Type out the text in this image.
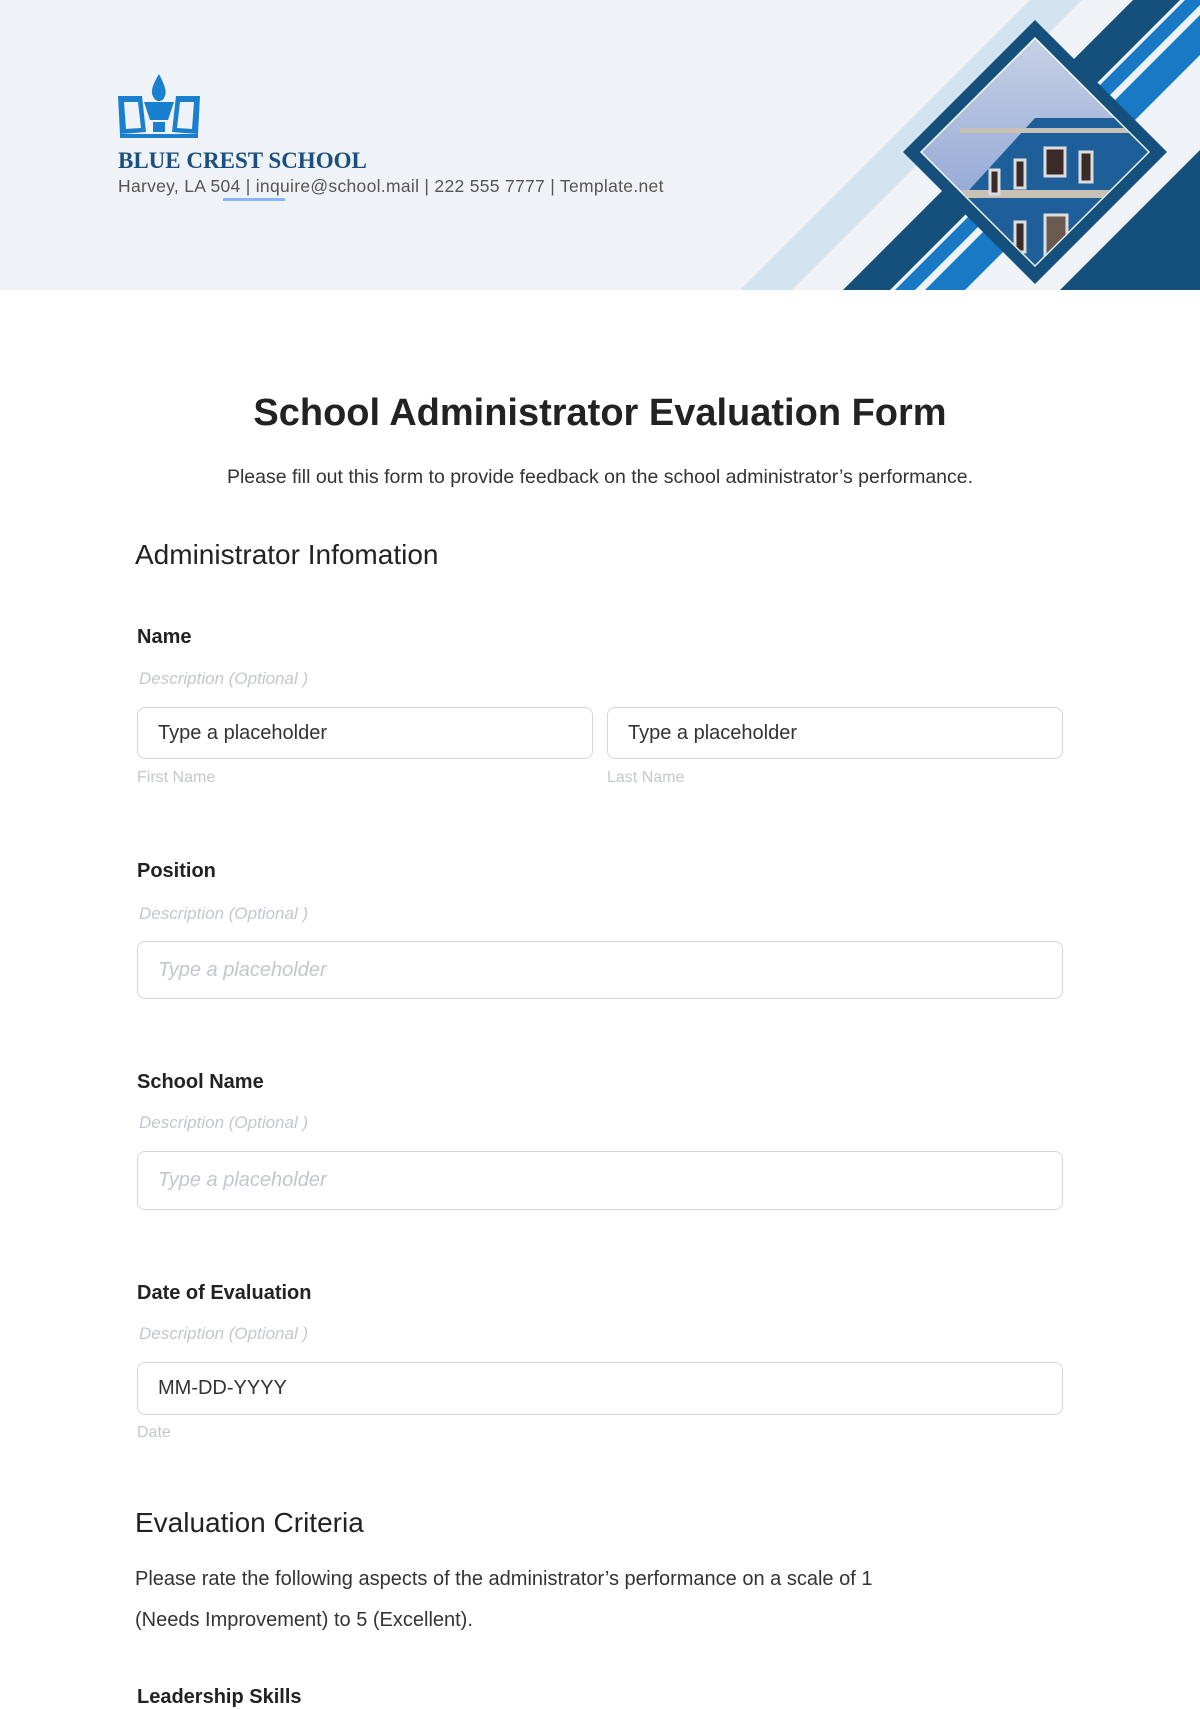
BLUE CREST SCHOOL
Harvey, LA 504 | inquire@school.mail | 222 555 7777 | Template.net
School Administrator Evaluation Form
Please fill out this form to provide feedback on the school administrator’s performance.
Administrator Infomation
Name
Description (Optional )
Type a placeholder	Type a placeholder
First Name	Last Name
Position
Description (Optional )
Type a placeholder
School Name
Description (Optional )
Type a placeholder
Date of Evaluation
Description (Optional )
MM-DD-YYYY
Date
Evaluation Criteria
Please rate the following aspects of the administrator’s performance on a scale of 1
(Needs Improvement) to 5 (Excellent).
Leadership Skills
